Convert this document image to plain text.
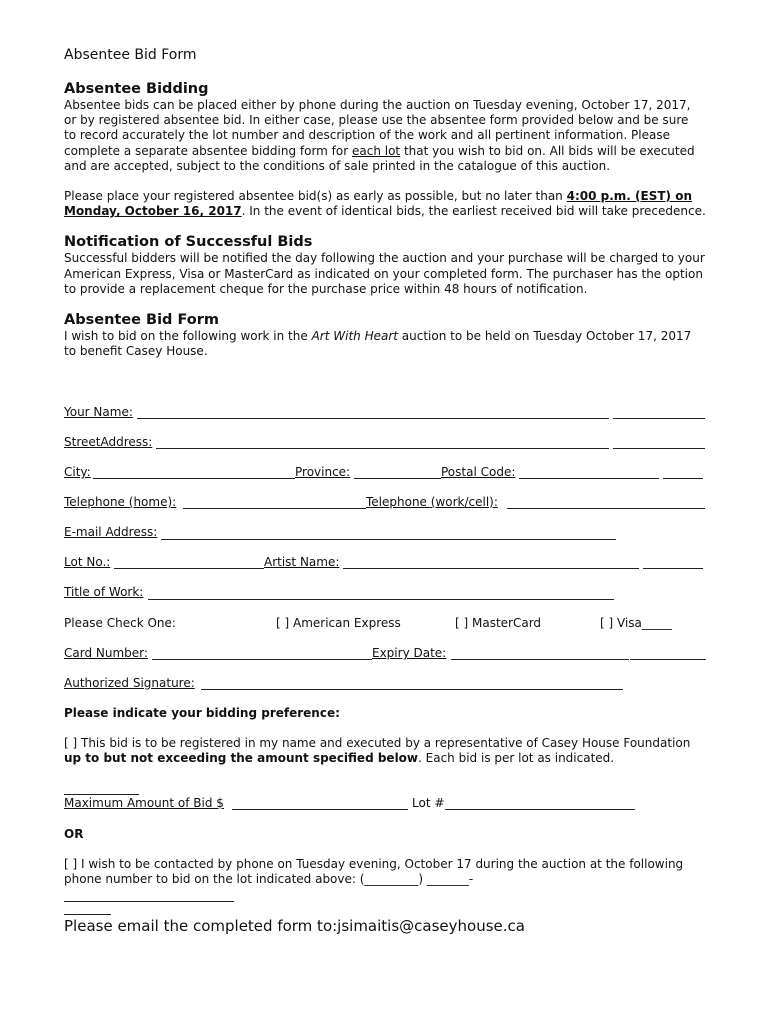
Absentee Bid Form

Absentee Bidding

Absentee bids can be placed either by phone during the auction on Tuesday evening, October 17, 2017, or by registered absentee bid. In either case, please use the absentee form provided below and be sure to record accurately the lot number and description of the work and all pertinent information. Please complete a separate absentee bidding form for each lot that you wish to bid on. All bids will be executed and are accepted, subject to the conditions of sale printed in the catalogue of this auction.

Please place your registered absentee bid(s) as early as possible, but no later than 4:00 p.m. (EST) on Monday, October 16, 2017. In the event of identical bids, the earliest received bid will take precedence.

Notification of Successful Bids

Successful bidders will be notified the day following the auction and your purchase will be charged to your American Express, Visa or MasterCard as indicated on your completed form. The purchaser has the option to provide a replacement cheque for the purchase price within 48 hours of notification.

Absentee Bid Form

I wish to bid on the following work in the Art With Heart auction to be held on Tuesday October 17, 2017 to benefit Casey House.

Your Name:
StreetAddress:
City:	Province:	Postal Code:
Telephone (home):	Telephone (work/cell):
E-mail Address:
Lot No.:	Artist Name:
Title of Work:
Please Check One:	[ ] American Express	[ ] MasterCard	[ ] Visa_____
Card Number:	Expiry Date:
Authorized Signature:
Please indicate your bidding preference:

[ ] This bid is to be registered in my name and executed by a representative of Casey House Foundation up to but not exceeding the amount specified below. Each bid is per lot as indicated.

Maximum Amount of Bid $	Lot #
OR

[ ] I wish to be contacted by phone on Tuesday evening, October 17 during the auction at the following phone number to bid on the lot indicated above: (_________) _______-

Please email the completed form to:jsimaitis@caseyhouse.ca
